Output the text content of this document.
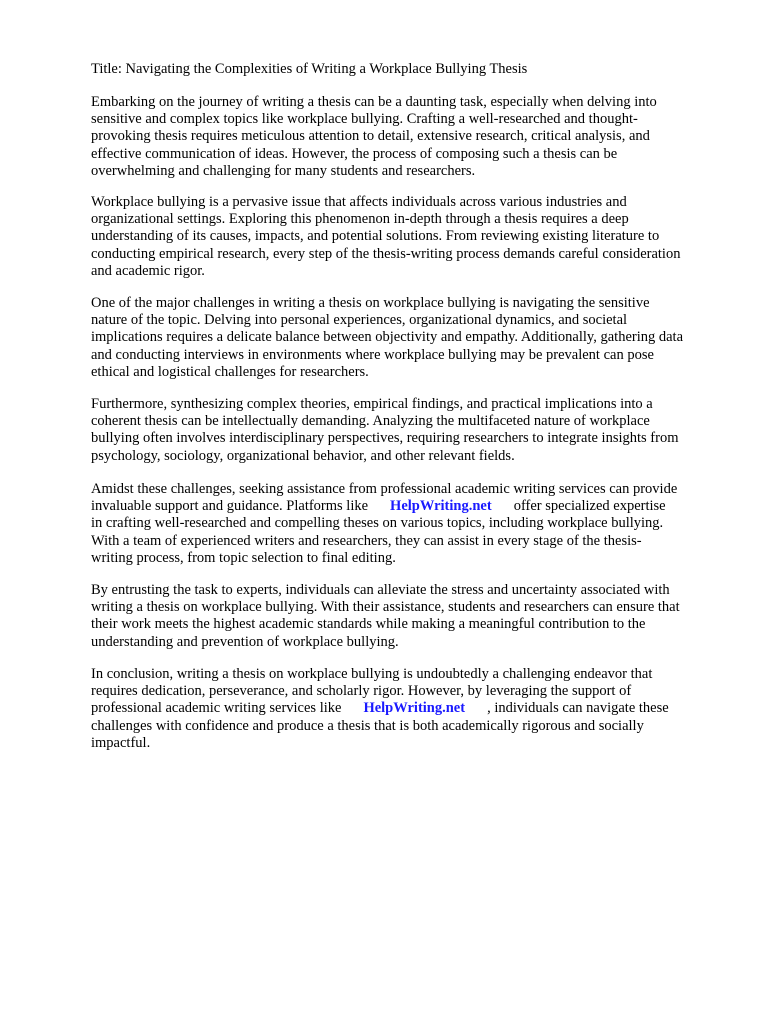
Title: Navigating the Complexities of Writing a Workplace Bullying Thesis
Embarking on the journey of writing a thesis can be a daunting task, especially when delving into
sensitive and complex topics like workplace bullying. Crafting a well-researched and thought-
provoking thesis requires meticulous attention to detail, extensive research, critical analysis, and
effective communication of ideas. However, the process of composing such a thesis can be
overwhelming and challenging for many students and researchers.
Workplace bullying is a pervasive issue that affects individuals across various industries and
organizational settings. Exploring this phenomenon in-depth through a thesis requires a deep
understanding of its causes, impacts, and potential solutions. From reviewing existing literature to
conducting empirical research, every step of the thesis-writing process demands careful consideration
and academic rigor.
One of the major challenges in writing a thesis on workplace bullying is navigating the sensitive
nature of the topic. Delving into personal experiences, organizational dynamics, and societal
implications requires a delicate balance between objectivity and empathy. Additionally, gathering data
and conducting interviews in environments where workplace bullying may be prevalent can pose
ethical and logistical challenges for researchers.
Furthermore, synthesizing complex theories, empirical findings, and practical implications into a
coherent thesis can be intellectually demanding. Analyzing the multifaceted nature of workplace
bullying often involves interdisciplinary perspectives, requiring researchers to integrate insights from
psychology, sociology, organizational behavior, and other relevant fields.
Amidst these challenges, seeking assistance from professional academic writing services can provide
invaluable support and guidance. Platforms like HelpWriting.net offer specialized expertise
in crafting well-researched and compelling theses on various topics, including workplace bullying.
With a team of experienced writers and researchers, they can assist in every stage of the thesis-
writing process, from topic selection to final editing.
By entrusting the task to experts, individuals can alleviate the stress and uncertainty associated with
writing a thesis on workplace bullying. With their assistance, students and researchers can ensure that
their work meets the highest academic standards while making a meaningful contribution to the
understanding and prevention of workplace bullying.
In conclusion, writing a thesis on workplace bullying is undoubtedly a challenging endeavor that
requires dedication, perseverance, and scholarly rigor. However, by leveraging the support of
professional academic writing services like HelpWriting.net , individuals can navigate these
challenges with confidence and produce a thesis that is both academically rigorous and socially
impactful.
